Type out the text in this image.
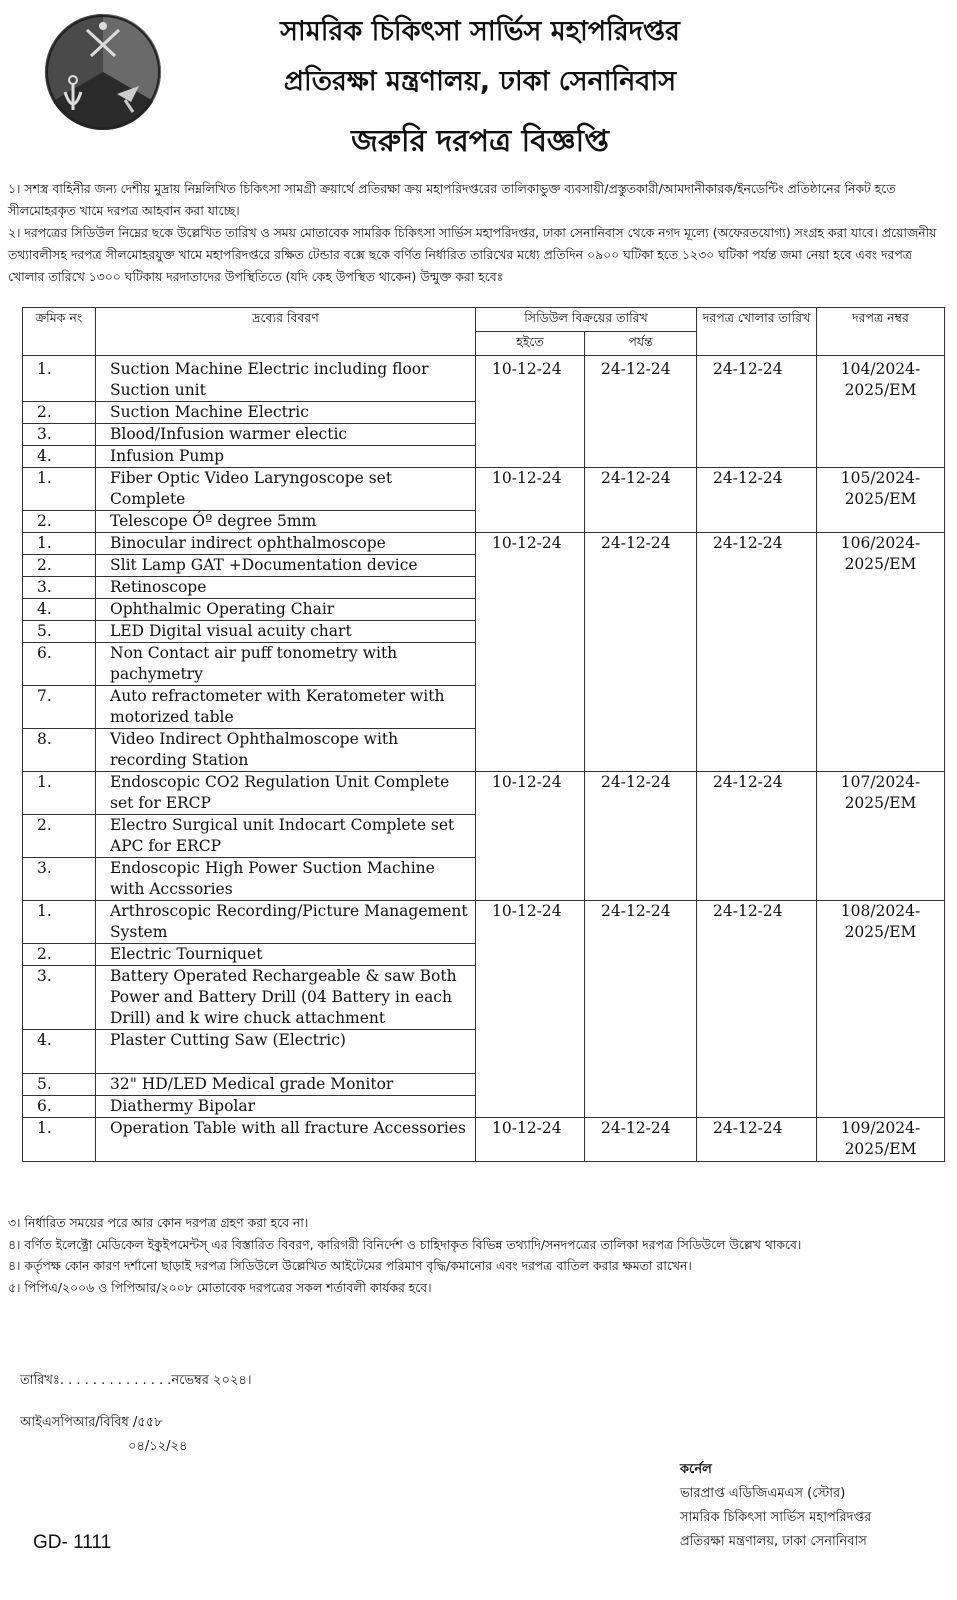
সামরিক চিকিৎসা সার্ভিস মহাপরিদপ্তর
প্রতিরক্ষা মন্ত্রণালয়, ঢাকা সেনানিবাস
জরুরি দরপত্র বিজ্ঞপ্তি
১। সশস্ত্র বাহিনীর জন্য দেশীয় মুদ্রায় নিম্নলিখিত চিকিৎসা সামগ্রী ক্রয়ার্থে প্রতিরক্ষা ক্রয় মহাপরিদপ্তরের তালিকাভুক্ত ব্যবসায়ী/প্রস্তুতকারী/আমদানীকারক/ইনডেন্টিং প্রতিষ্ঠানের নিকট হতে সীলমোহরকৃত খামে দরপত্র আহবান করা যাচ্ছে।
২। দরপত্রের সিডিউল নিম্নের ছকে উল্লেখিত তারিখ ও সময় মোতাবেক সামরিক চিকিৎসা সার্ভিস মহাপরিদপ্তর, ঢাকা সেনানিবাস থেকে নগদ মূল্যে (অফেরতযোগ্য) সংগ্রহ করা যাবে। প্রয়োজনীয় তথ্যাবলীসহ দরপত্র সীলমোহরযুক্ত খামে মহাপরিদপ্তরে রক্ষিত টেন্ডার বক্সে ছকে বর্ণিত নির্ধারিত তারিখের মধ্যে প্রতিদিন ০৯০০ ঘটিকা হতে ১২৩০ ঘটিকা পর্যন্ত জমা নেয়া হবে এবং দরপত্র খোলার তারিখে ১৩০০ ঘটিকায় দরদাতাদের উপস্থিতিতে (যদি কেহ উপস্থিত থাকেন) উন্মুক্ত করা হবেঃ
ক্রমিক নং	দ্রব্যের বিবরণ	সিডিউল বিক্রয়ের তারিখ		দরপত্র খোলার তারিখ	দরপত্র নম্বর
		হইতে	পর্যন্ত		
1.	Suction Machine Electric including floor Suction unit	10-12-24	24-12-24	24-12-24	104/2024-2025/EM
2.	Suction Machine Electric				
3.	Blood/Infusion warmer electic				
4.	Infusion Pump				
1.	Fiber Optic Video Laryngoscope set Complete	10-12-24	24-12-24	24-12-24	105/2024-2025/EM
2.	Telescope Óº degree 5mm				
1.	Binocular indirect ophthalmoscope	10-12-24	24-12-24	24-12-24	106/2024-2025/EM
2.	Slit Lamp GAT +Documentation device				
3.	Retinoscope				
4.	Ophthalmic Operating Chair				
5.	LED Digital visual acuity chart				
6.	Non Contact air puff tonometry with pachymetry				
7.	Auto refractometer with Keratometer with motorized table				
8.	Video Indirect Ophthalmoscope with recording Station				
1.	Endoscopic CO2 Regulation Unit Complete set for ERCP	10-12-24	24-12-24	24-12-24	107/2024-2025/EM
2.	Electro Surgical unit Indocart Complete set APC for ERCP				
3.	Endoscopic High Power Suction Machine with Accssories				
1.	Arthroscopic Recording/Picture Management System	10-12-24	24-12-24	24-12-24	108/2024-2025/EM
2.	Electric Tourniquet				
3.	Battery Operated Rechargeable & saw Both Power and Battery Drill (04 Battery in each Drill) and k wire chuck attachment				
4.	Plaster Cutting Saw (Electric)				
5.	32" HD/LED Medical grade Monitor				
6.	Diathermy Bipolar				
1.	Operation Table with all fracture Accessories	10-12-24	24-12-24	24-12-24	109/2024-2025/EM
৩। নির্ধারিত সময়ের পরে আর কোন দরপত্র গ্রহণ করা হবে না।
৪। বর্ণিত ইলেক্ট্রো মেডিকেল ইকুইপমেন্টস্ এর বিস্তারিত বিবরণ, কারিগরী বিনির্দেশ ও চাহিদাকৃত বিভিন্ন তথ্যাদি/সনদপত্রের তালিকা দরপত্র সিডিউলে উল্লেখ থাকবে।
৪। কর্তৃপক্ষ কোন কারণ দর্শানো ছাড়াই দরপত্র সিডিউলে উল্লেখিত আইটেমের পরিমাণ বৃদ্ধি/কমানোর এবং দরপত্র বাতিল করার ক্ষমতা রাখেন।
৫। পিপিএ/২০০৬ ও পিপিআর/২০০৮ মোতাবেক দরপত্রের সকল শর্তাবলী কার্যকর হবে।
তারিখঃ. . . . . . . . . . . . . .নভেম্বর ২০২৪।
আইএসপিআর/বিবিধ /৫৫৮
০৪/১২/২৪
কর্নেল
ভারপ্রাপ্ত এডিজিএমএস (স্টোর)
সামরিক চিকিৎসা সার্ভিস মহাপরিদপ্তর
প্রতিরক্ষা মন্ত্রণালয়, ঢাকা সেনানিবাস
GD- 1111
